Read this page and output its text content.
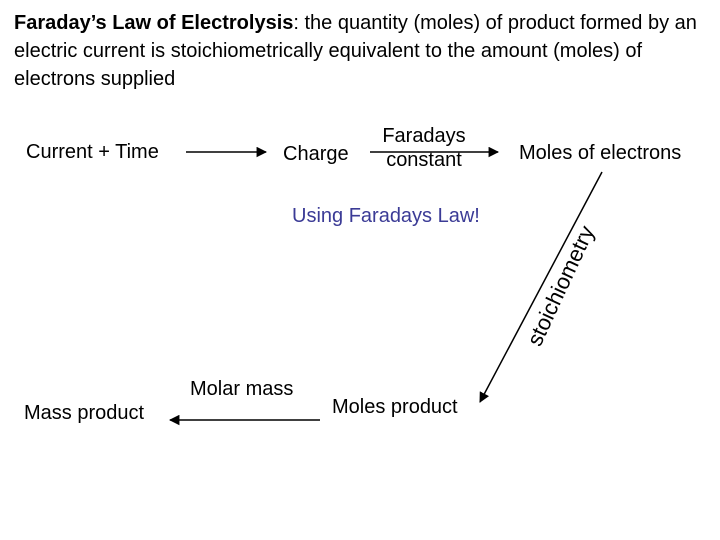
Faraday’s Law of Electrolysis: the quantity (moles) of product formed by an electric current is stoichiometrically equivalent to the amount (moles) of electrons supplied
Current + Time	Charge	Moles of electrons
Mass product	Moles product
Faradays
constant
Molar mass
stoichiometry
Using Faradays Law!
